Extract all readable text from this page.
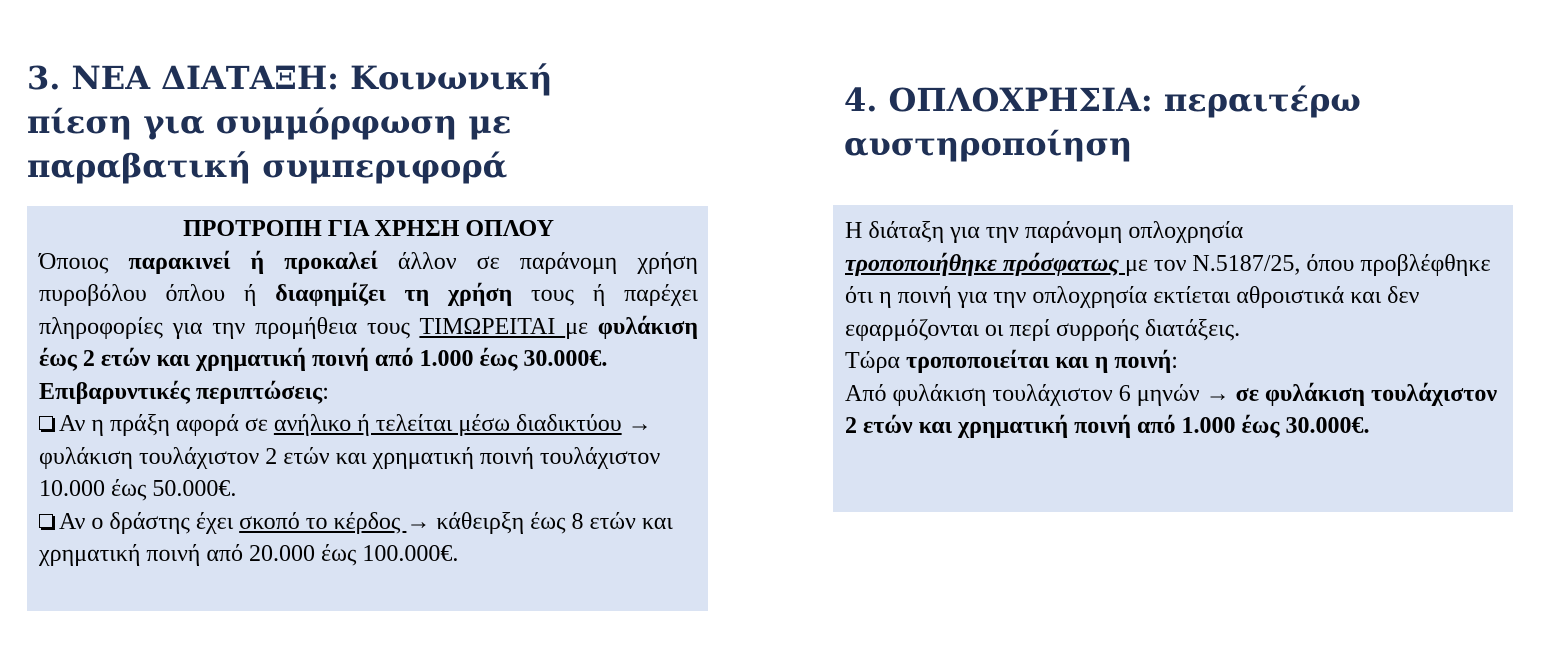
3. ΝΕΑ ΔΙΑΤΑΞΗ: Κοινωνική πίεση για συμμόρφωση με παραβατική συμπεριφορά
ΠΡΟΤΡΟΠΗ ΓΙΑ ΧΡΗΣΗ ΟΠΛΟΥ
Όποιος παρακινεί ή προκαλεί άλλον σε παράνομη χρήση πυροβόλου όπλου ή διαφημίζει τη χρήση τους ή παρέχει πληροφορίες για την προμήθεια τους ΤΙΜΩΡΕΙΤΑΙ με φυλάκιση έως 2 ετών και χρηματική ποινή από 1.000 έως 30.000€.
Επιβαρυντικές περιπτώσεις:
Αν η πράξη αφορά σε ανήλικο ή τελείται μέσω διαδικτύου → φυλάκιση τουλάχιστον 2 ετών και χρηματική ποινή τουλάχιστον 10.000 έως 50.000€.
Αν ο δράστης έχει σκοπό το κέρδος → κάθειρξη έως 8 ετών και χρηματική ποινή από 20.000 έως 100.000€.
4. ΟΠΛΟΧΡΗΣΙΑ: περαιτέρω αυστηροποίηση
Η διάταξη για την παράνομη οπλοχρησία
τροποποιήθηκε πρόσφατως με τον Ν.5187/25, όπου προβλέφθηκε ότι η ποινή για την οπλοχρησία εκτίεται αθροιστικά και δεν εφαρμόζονται οι περί συρροής διατάξεις.
Τώρα τροποποιείται και η ποινή:
Από φυλάκιση τουλάχιστον 6 μηνών → σε φυλάκιση τουλάχιστον 2 ετών και χρηματική ποινή από 1.000 έως 30.000€.
